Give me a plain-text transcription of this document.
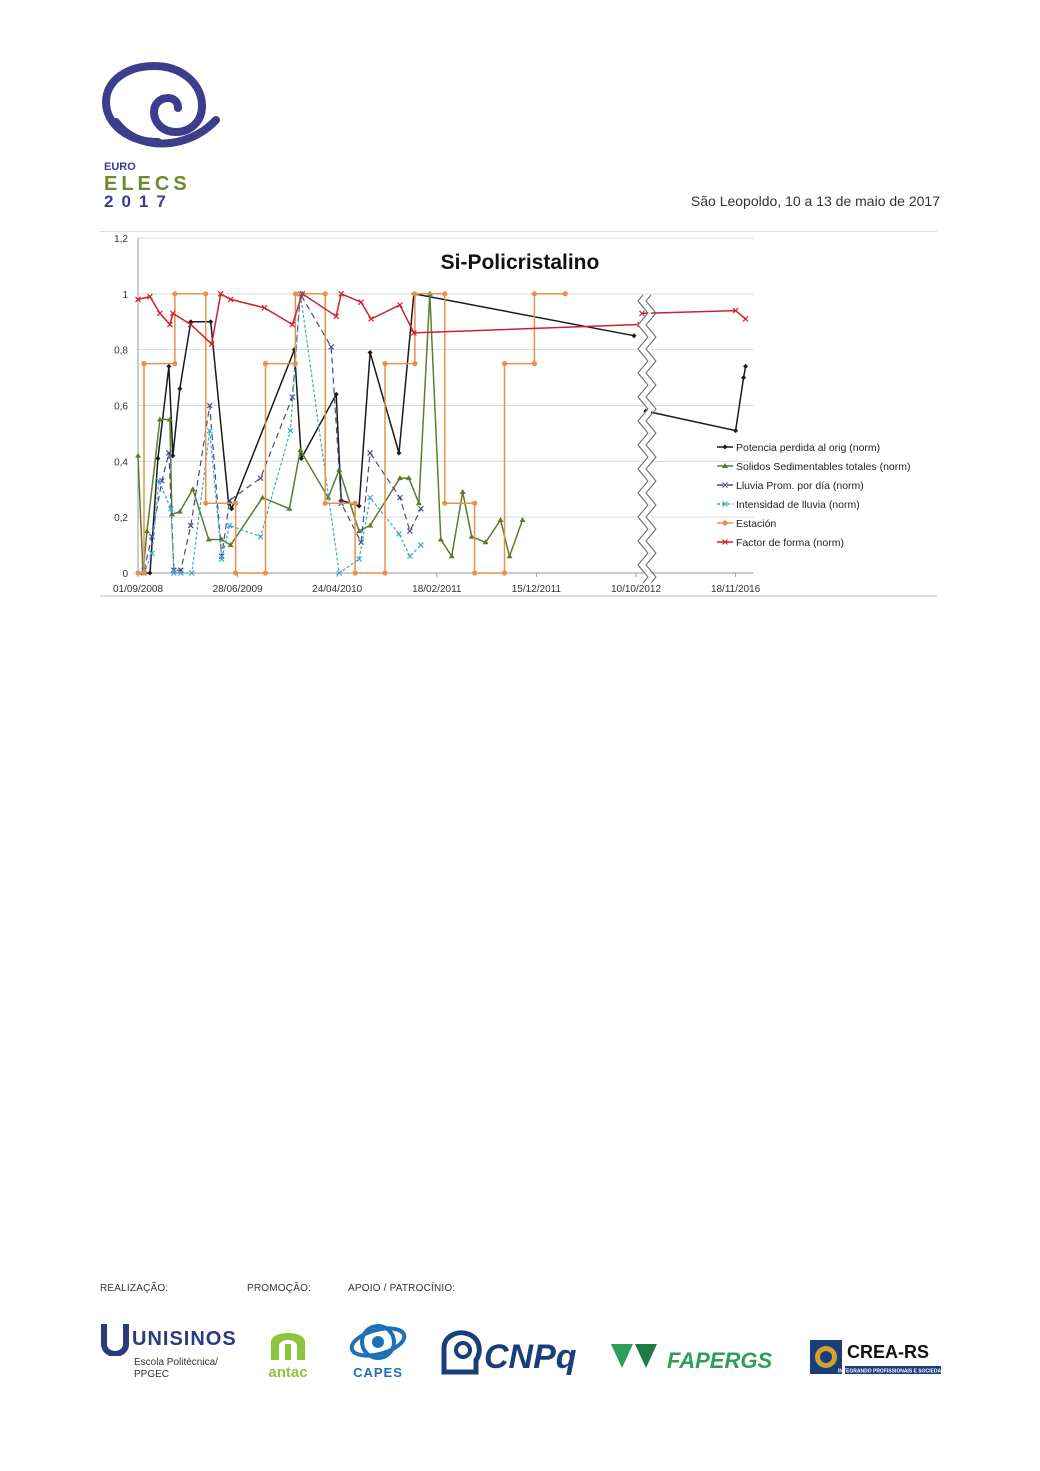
EURO
ELECS
2017	São Leopoldo, 10 a 13 de maio de 2017
0
0,2
0,4
0,6
0,8
1
1,2
01/09/2008	28/06/2009	24/04/2010	18/02/2011	15/12/2011	10/10/2012	18/11/2016
Si-Policristalino
Potencia perdida al orig (norm)
Solidos Sedimentables totales (norm)
Lluvia Prom. por día (norm)
Intensidad de lluvia (norm)
Estación
Factor de forma (norm)
REALIZAÇÃO:	PROMOÇÃO:	APOIO / PATROCÍNIO:
UNISINOS
Escola Politécnica/
PPGEC	antac	CAPES CNPq	FAPERGS	CREA-RS
INTEGRANDO PROFISSIONAIS E SOCIEDADE
